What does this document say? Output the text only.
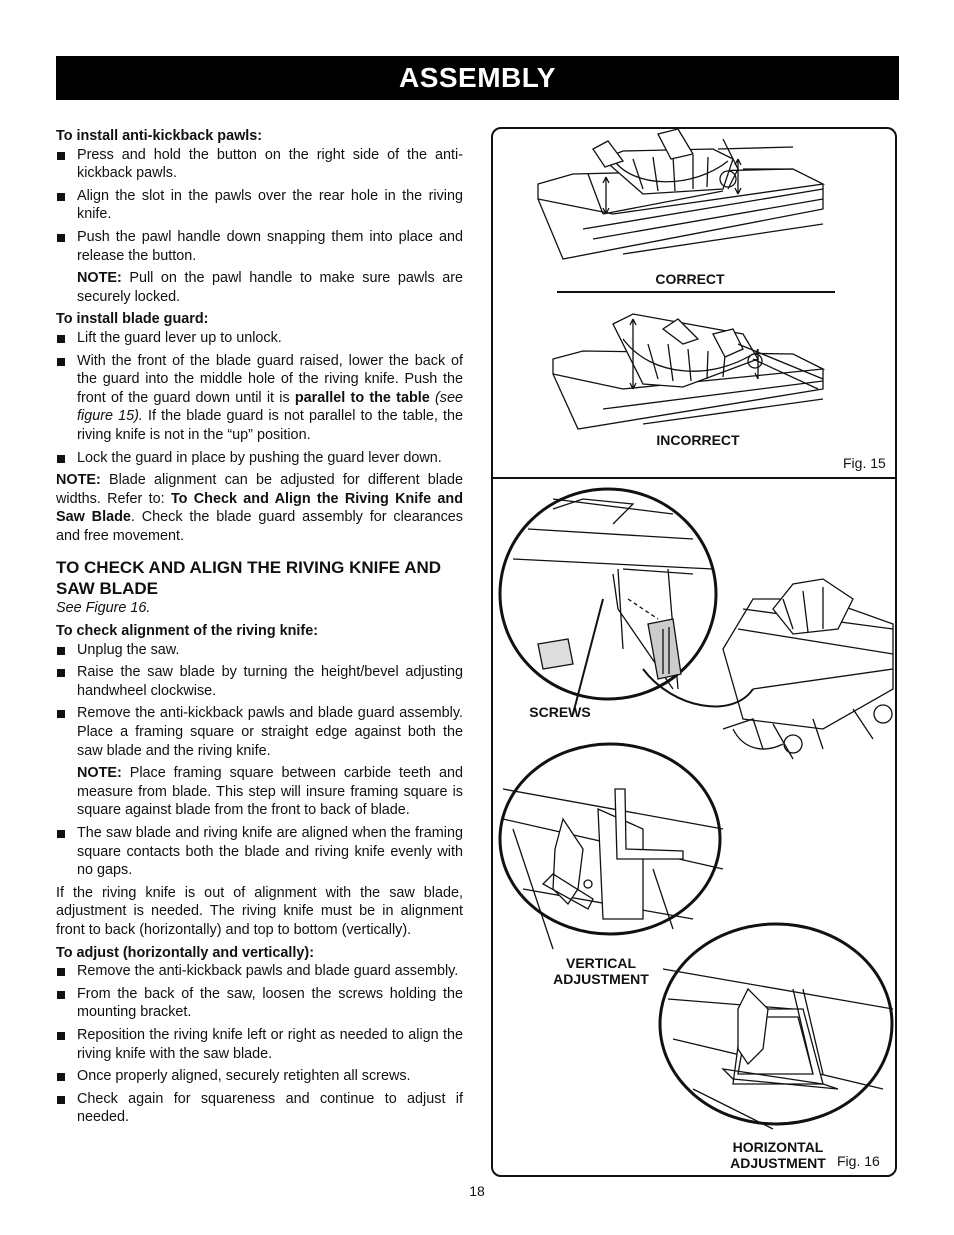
ASSEMBLY

To install anti-kickback pawls:

Press and hold the button on the right side of the anti-kickback pawls.

Align the slot in the pawls over the rear hole in the riving knife.

Push the pawl handle down snapping them into place and release the button.

NOTE: Pull on the pawl handle to make sure pawls are securely locked.

To install blade guard:

Lift the guard lever up to unlock.

With the front of the blade guard raised, lower the back of the guard into the middle hole of the riving knife. Push the front of the guard down until it is parallel to the table (see figure 15). If the blade guard is not parallel to the table, the riving knife is not in the “up” position.

Lock the guard in place by pushing the guard lever down.

NOTE: Blade alignment can be adjusted for different blade widths. Refer to: To Check and Align the Riving Knife and Saw Blade. Check the blade guard assembly for clearances and free movement.

TO CHECK AND ALIGN THE RIVING KNIFE AND SAW BLADE

See Figure 16.

To check alignment of the riving knife:

Unplug the saw.

Raise the saw blade by turning the height/bevel adjusting handwheel clockwise.

Remove the anti-kickback pawls and blade guard assembly. Place a framing square or straight edge against both the saw blade and the riving knife.

NOTE: Place framing square between carbide teeth and measure from blade. This step will insure framing square is square against blade from the front to back of blade.

The saw blade and riving knife are aligned when the framing square contacts both the blade and riving knife evenly with no gaps.

If the riving knife is out of alignment with the saw blade, adjustment is needed. The riving knife must be in alignment front to back (horizontally) and top to bottom (vertically).

To adjust (horizontally and vertically):

Remove the anti-kickback pawls and blade guard assembly.

From the back of the saw, loosen the screws holding the mounting bracket.

Reposition the riving knife left or right as needed to align the riving knife with the saw blade.

Once properly aligned, securely retighten all screws.

Check again for squareness and continue to adjust if needed.

CORRECT
INCORRECT
Fig. 15
SCREWS
VERTICAL ADJUSTMENT
HORIZONTAL ADJUSTMENT Fig. 16
18
